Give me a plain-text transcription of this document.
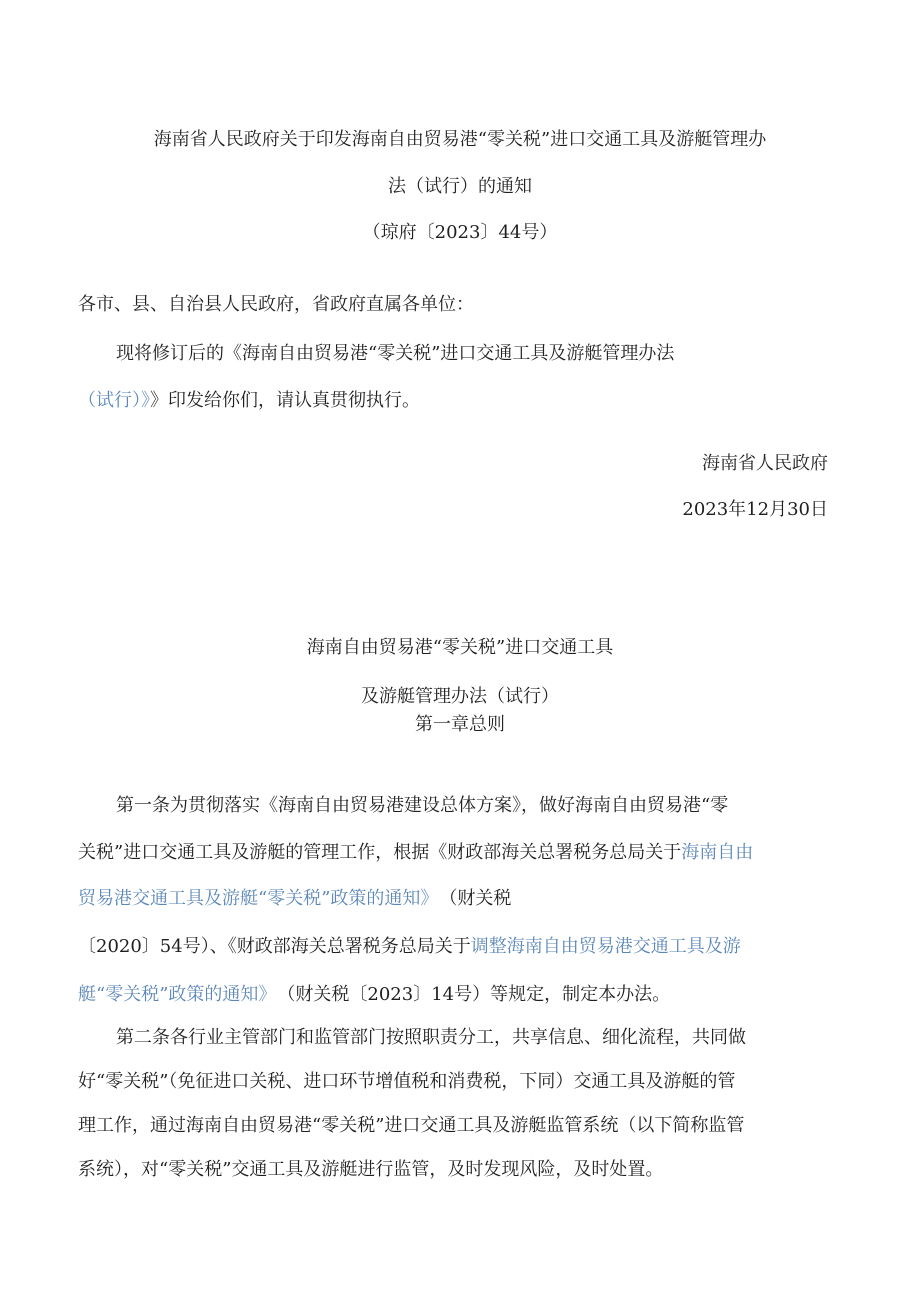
海南省人民政府关于印发海南自由贸易港“零关税”进口交通工具及游艇管理办
法（试行）的通知
（琼府〔2023〕44号）
各市、县、自治县人民政府，省政府直属各单位：
现将修订后的《海南自由贸易港“零关税”进口交通工具及游艇管理办法
（试行）》》印发给你们，请认真贯彻执行。
海南省人民政府
2023年12月30日
海南自由贸易港“零关税”进口交通工具
及游艇管理办法（试行）
第一章总则
第一条为贯彻落实《海南自由贸易港建设总体方案》，做好海南自由贸易港“零
关税”进口交通工具及游艇的管理工作，根据《财政部海关总署税务总局关于海南自由
贸易港交通工具及游艇“零关税”政策的通知》 （财关税
〔2020〕54号）、《财政部海关总署税务总局关于调整海南自由贸易港交通工具及游
艇“零关税”政策的通知》 （财关税〔2023〕14号）等规定，制定本办法。
第二条各行业主管部门和监管部门按照职责分工，共享信息、细化流程，共同做
好“零关税”（免征进口关税、进口环节增值税和消费税，下同）交通工具及游艇的管
理工作，通过海南自由贸易港“零关税”进口交通工具及游艇监管系统（以下简称监管
系统），对“零关税”交通工具及游艇进行监管，及时发现风险，及时处置。
